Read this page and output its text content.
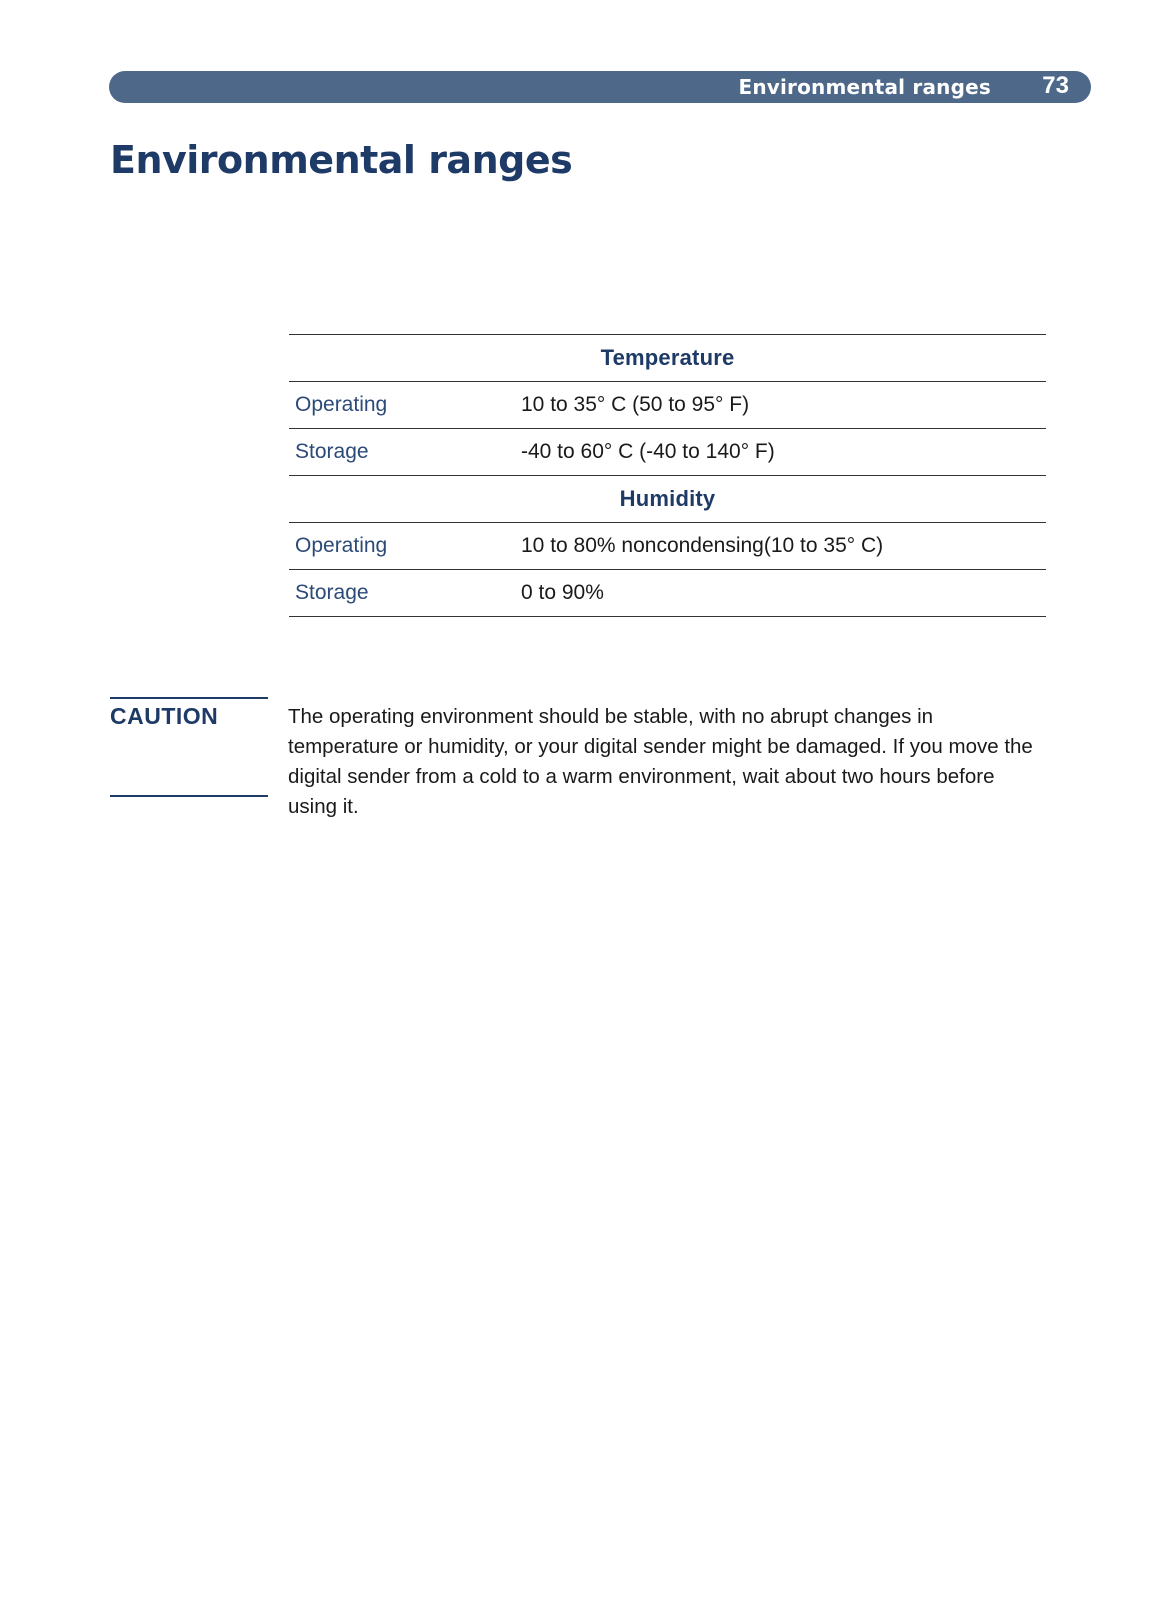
Environmental ranges 73
Environmental ranges
Temperature	
Operating	10 to 35° C (50 to 95° F)
Storage	-40 to 60° C (-40 to 140° F)
Humidity	
Operating	10 to 80% noncondensing(10 to 35° C)
Storage	0 to 90%
CAUTION	The operating environment should be stable, with no abrupt changes in temperature or humidity, or your digital sender might be damaged. If you move the digital sender from a cold to a warm environment, wait about two hours before using it.
